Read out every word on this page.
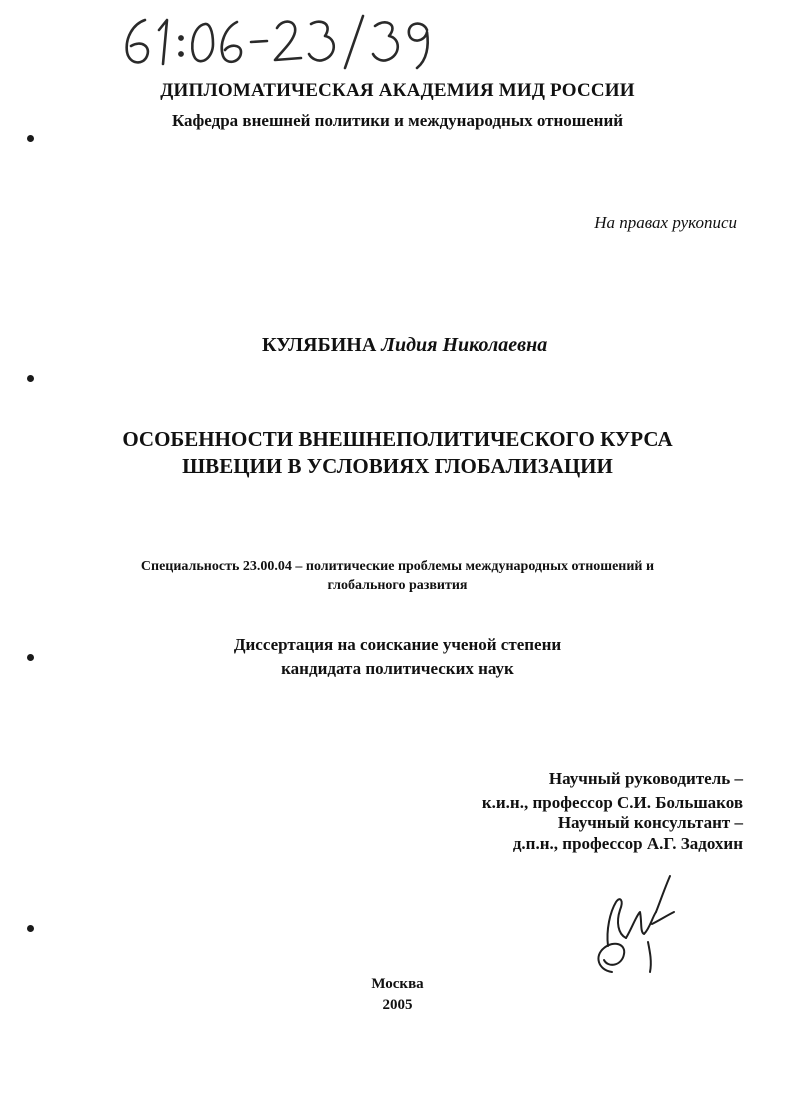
ДИПЛОМАТИЧЕСКАЯ АКАДЕМИЯ МИД РОССИИ
Кафедра внешней политики и международных отношений
На правах рукописи
КУЛЯБИНА Лидия Николаевна
ОСОБЕННОСТИ ВНЕШНЕПОЛИТИЧЕСКОГО КУРСА
ШВЕЦИИ В УСЛОВИЯХ ГЛОБАЛИЗАЦИИ
Специальность 23.00.04 – политические проблемы международных отношений и
глобального развития
Диссертация на соискание ученой степени
кандидата политических наук
Научный руководитель –
к.и.н., профессор С.И. Большаков
Научный консультант –
д.п.н., профессор А.Г. Задохин
Москва
2005
